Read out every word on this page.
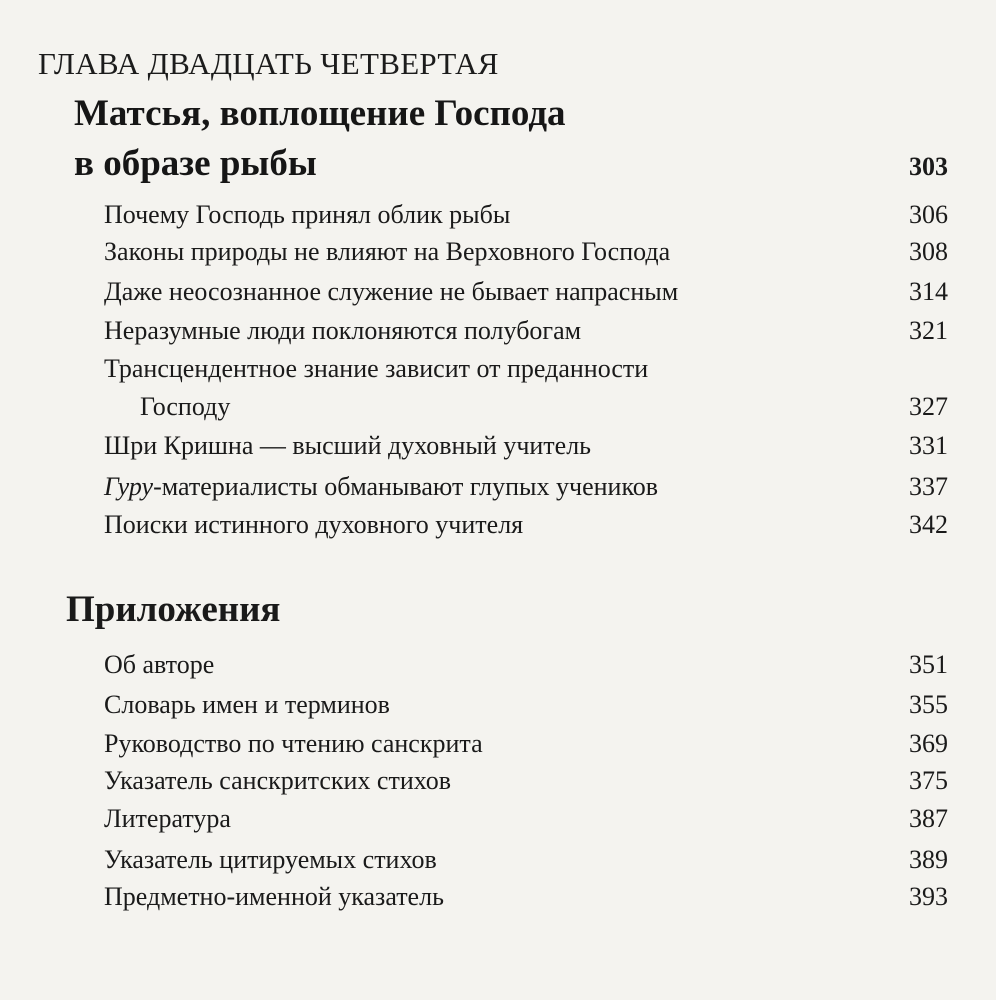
ГЛАВА ДВАДЦАТЬ ЧЕТВЕРТАЯ
Матсья, воплощение Господа
в образе рыбы	303
Почему Господь принял облик рыбы	306
Законы природы не влияют на Верховного Господа	308
Даже неосознанное служение не бывает напрасным	314
Неразумные люди поклоняются полубогам	321
Трансцендентное знание зависит от преданности
Господу	327
Шри Кришна — высший духовный учитель	331
Гуру-материалисты обманывают глупых учеников	337
Поиски истинного духовного учителя	342
Приложения
Об авторе	351
Словарь имен и терминов	355
Руководство по чтению санскрита	369
Указатель санскритских стихов	375
Литература	387
Указатель цитируемых стихов	389
Предметно-именной указатель	393
